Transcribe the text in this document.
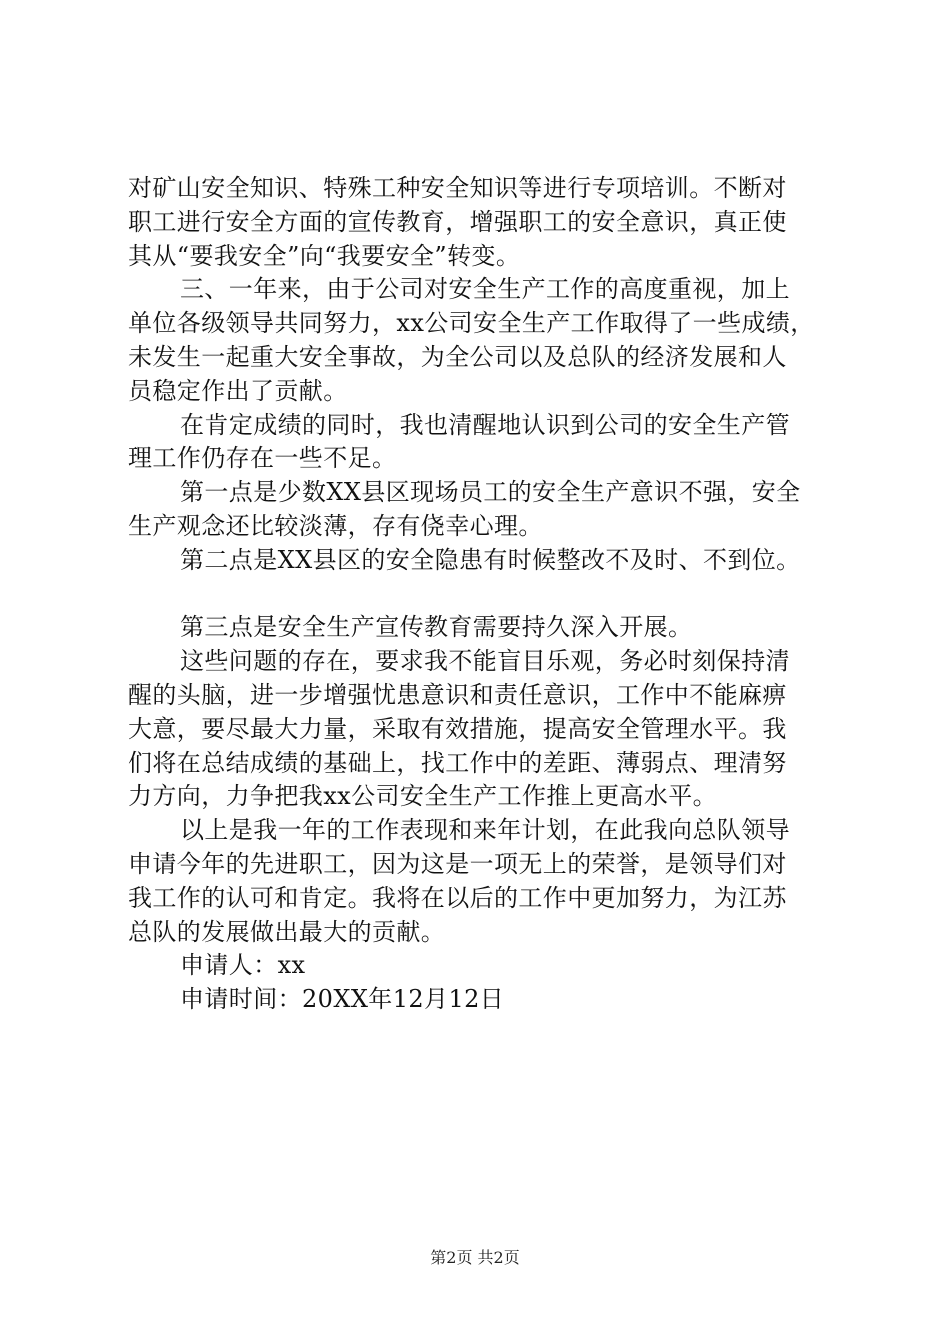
对矿山安全知识、特殊工种安全知识等进行专项培训。不断对
职工进行安全方面的宣传教育，增强职工的安全意识，真正使
其从“要我安全”向“我要安全”转变。
三、一年来，由于公司对安全生产工作的高度重视，加上
单位各级领导共同努力，xx公司安全生产工作取得了一些成绩，
未发生一起重大安全事故，为全公司以及总队的经济发展和人
员稳定作出了贡献。
在肯定成绩的同时，我也清醒地认识到公司的安全生产管
理工作仍存在一些不足。
第一点是少数XX县区现场员工的安全生产意识不强，安全
生产观念还比较淡薄，存有侥幸心理。
第二点是XX县区的安全隐患有时候整改不及时、不到位。
第三点是安全生产宣传教育需要持久深入开展。
这些问题的存在，要求我不能盲目乐观，务必时刻保持清
醒的头脑，进一步增强忧患意识和责任意识，工作中不能麻痹
大意，要尽最大力量，采取有效措施，提高安全管理水平。我
们将在总结成绩的基础上，找工作中的差距、薄弱点、理清努
力方向，力争把我xx公司安全生产工作推上更高水平。
以上是我一年的工作表现和来年计划，在此我向总队领导
申请今年的先进职工，因为这是一项无上的荣誉，是领导们对
我工作的认可和肯定。我将在以后的工作中更加努力，为江苏
总队的发展做出最大的贡献。
申请人：xx
申请时间：20XX年12月12日
第2页 共2页
